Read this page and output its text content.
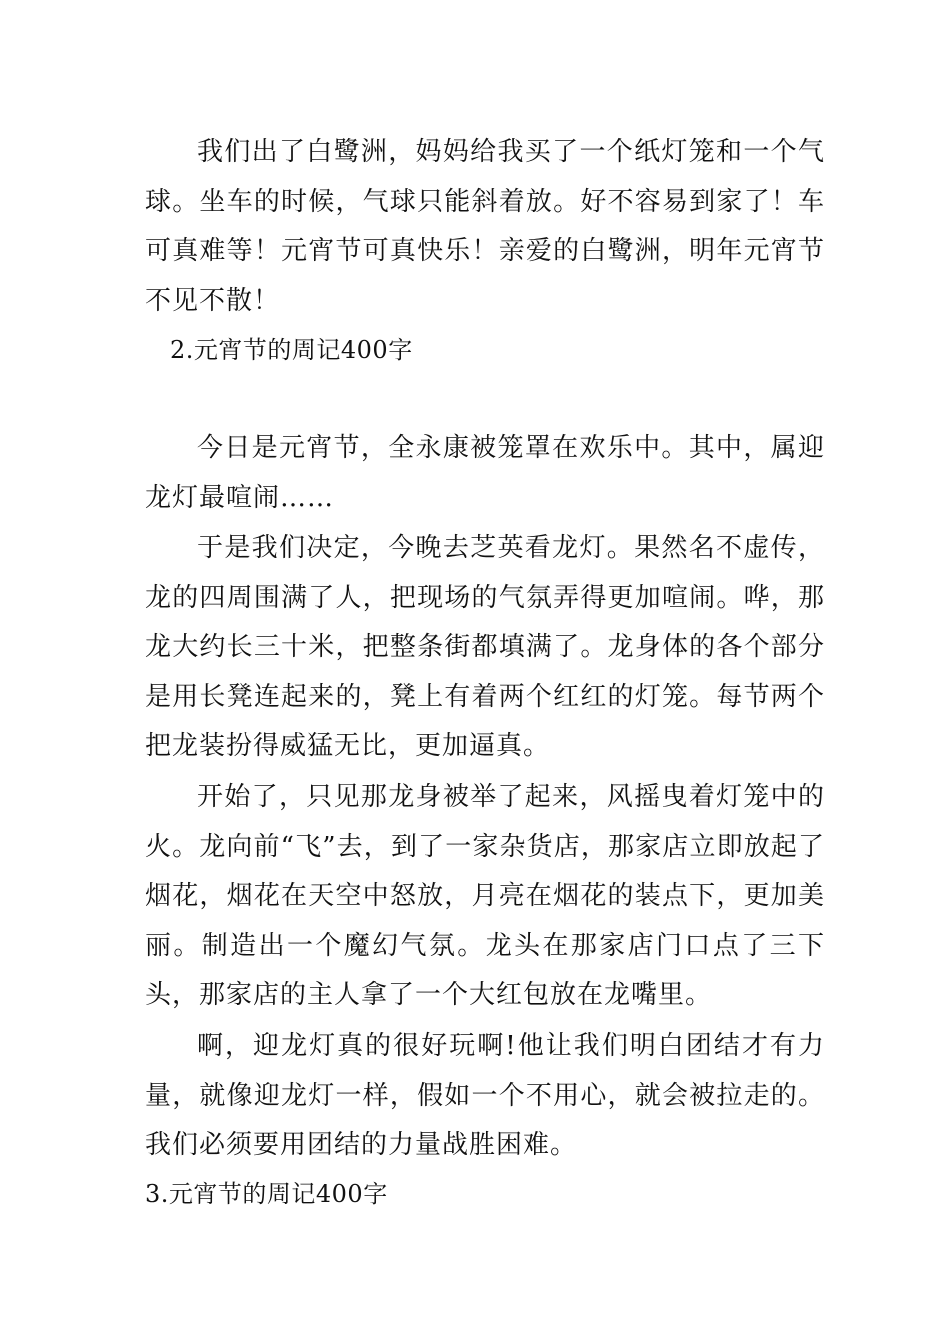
我们出了白鹭洲，妈妈给我买了一个纸灯笼和一个气球。坐车的时候，气球只能斜着放。好不容易到家了！车可真难等！元宵节可真快乐！亲爱的白鹭洲，明年元宵节不见不散！

2.元宵节的周记400字

今日是元宵节，全永康被笼罩在欢乐中。其中，属迎龙灯最喧闹……

于是我们决定，今晚去芝英看龙灯。果然名不虚传，龙的四周围满了人，把现场的气氛弄得更加喧闹。哗，那龙大约长三十米，把整条街都填满了。龙身体的各个部分是用长凳连起来的，凳上有着两个红红的灯笼。每节两个把龙装扮得威猛无比，更加逼真。

开始了，只见那龙身被举了起来，风摇曳着灯笼中的火。龙向前“飞”去，到了一家杂货店，那家店立即放起了烟花，烟花在天空中怒放，月亮在烟花的装点下，更加美丽。制造出一个魔幻气氛。龙头在那家店门口点了三下头，那家店的主人拿了一个大红包放在龙嘴里。

啊，迎龙灯真的很好玩啊!他让我们明白团结才有力量，就像迎龙灯一样，假如一个不用心，就会被拉走的。我们必须要用团结的力量战胜困难。

3.元宵节的周记400字
